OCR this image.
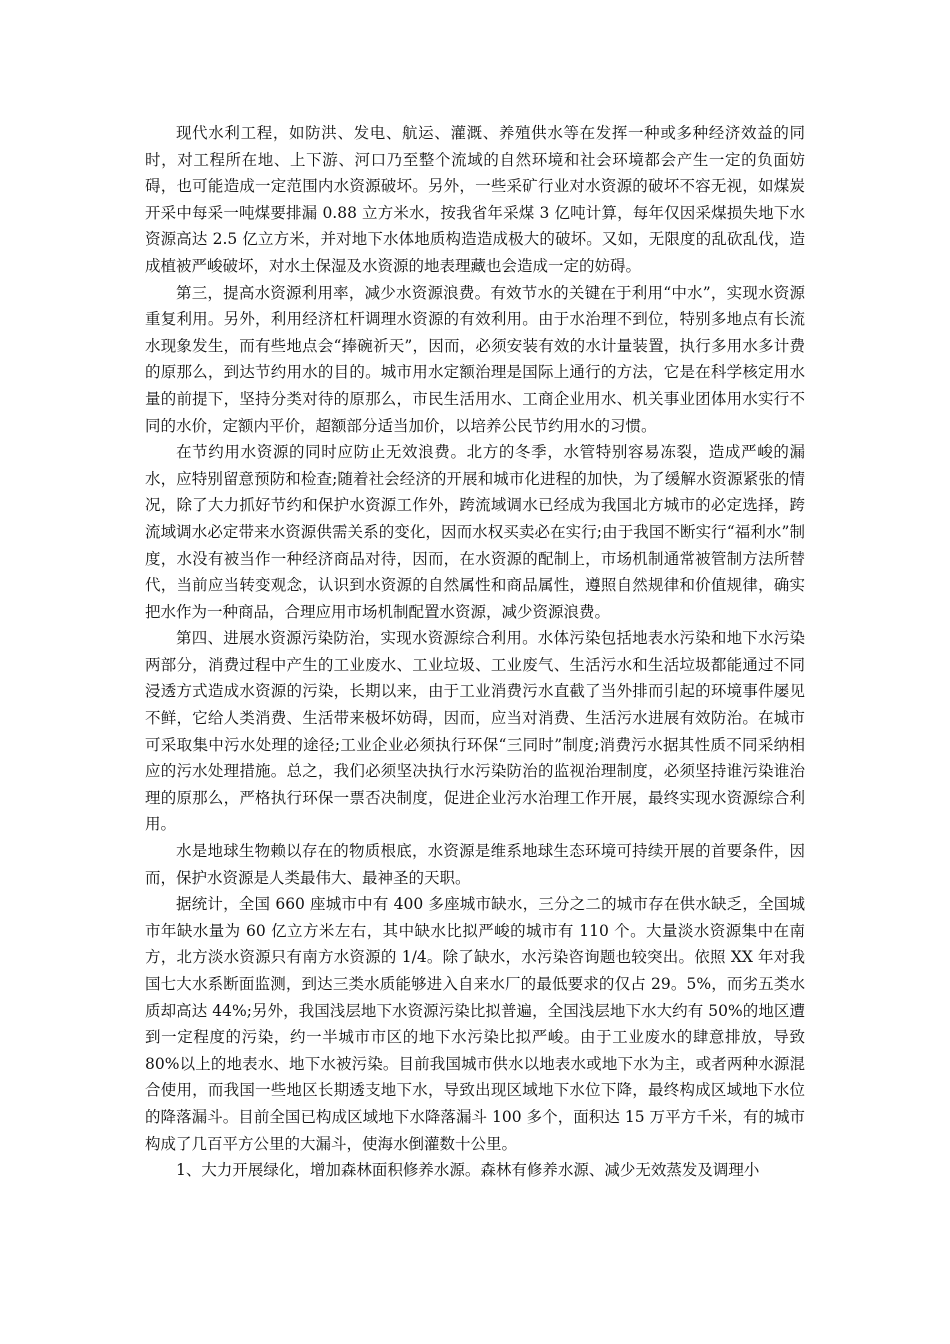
现代水利工程，如防洪、发电、航运、灌溉、养殖供水等在发挥一种或多种经济效益的同时，对工程所在地、上下游、河口乃至整个流域的自然环境和社会环境都会产生一定的负面妨碍，也可能造成一定范围内水资源破坏。另外，一些采矿行业对水资源的破坏不容无视，如煤炭开采中每采一吨煤要排漏 0.88 立方米水，按我省年采煤 3 亿吨计算，每年仅因采煤损失地下水资源高达 2.5 亿立方米，并对地下水体地质构造造成极大的破坏。又如，无限度的乱砍乱伐，造成植被严峻破坏，对水土保湿及水资源的地表理藏也会造成一定的妨碍。

第三，提高水资源利用率，减少水资源浪费。有效节水的关键在于利用“中水”，实现水资源重复利用。另外，利用经济杠杆调理水资源的有效利用。由于水治理不到位，特别多地点有长流水现象发生，而有些地点会“捧碗祈天”，因而，必须安装有效的水计量装置，执行多用水多计费的原那么，到达节约用水的目的。城市用水定额治理是国际上通行的方法，它是在科学核定用水量的前提下，坚持分类对待的原那么，市民生活用水、工商企业用水、机关事业团体用水实行不同的水价，定额内平价，超额部分适当加价，以培养公民节约用水的习惯。

在节约用水资源的同时应防止无效浪费。北方的冬季，水管特别容易冻裂，造成严峻的漏水，应特别留意预防和检查;随着社会经济的开展和城市化进程的加快，为了缓解水资源紧张的情况，除了大力抓好节约和保护水资源工作外，跨流域调水已经成为我国北方城市的必定选择，跨流域调水必定带来水资源供需关系的变化，因而水权买卖必在实行;由于我国不断实行“福利水”制度，水没有被当作一种经济商品对待，因而，在水资源的配制上，市场机制通常被管制方法所替代，当前应当转变观念，认识到水资源的自然属性和商品属性，遵照自然规律和价值规律，确实把水作为一种商品，合理应用市场机制配置水资源，减少资源浪费。

第四、进展水资源污染防治，实现水资源综合利用。水体污染包括地表水污染和地下水污染两部分，消费过程中产生的工业废水、工业垃圾、工业废气、生活污水和生活垃圾都能通过不同浸透方式造成水资源的污染，长期以来，由于工业消费污水直截了当外排而引起的环境事件屡见不鲜，它给人类消费、生活带来极坏妨碍，因而，应当对消费、生活污水进展有效防治。在城市可采取集中污水处理的途径;工业企业必须执行环保“三同时”制度;消费污水据其性质不同采纳相应的污水处理措施。总之，我们必须坚决执行水污染防治的监视治理制度，必须坚持谁污染谁治理的原那么，严格执行环保一票否决制度，促进企业污水治理工作开展，最终实现水资源综合利用。

水是地球生物赖以存在的物质根底，水资源是维系地球生态环境可持续开展的首要条件，因而，保护水资源是人类最伟大、最神圣的天职。

据统计，全国 660 座城市中有 400 多座城市缺水，三分之二的城市存在供水缺乏，全国城市年缺水量为 60 亿立方米左右，其中缺水比拟严峻的城市有 110 个。大量淡水资源集中在南方，北方淡水资源只有南方水资源的 1/4。除了缺水，水污染咨询题也较突出。依照 XX 年对我国七大水系断面监测，到达三类水质能够进入自来水厂的最低要求的仅占 29。5%，而劣五类水质却高达 44%;另外，我国浅层地下水资源污染比拟普遍，全国浅层地下水大约有 50%的地区遭到一定程度的污染，约一半城市市区的地下水污染比拟严峻。由于工业废水的肆意排放，导致 80%以上的地表水、地下水被污染。目前我国城市供水以地表水或地下水为主，或者两种水源混合使用，而我国一些地区长期透支地下水，导致出现区域地下水位下降，最终构成区域地下水位的降落漏斗。目前全国已构成区域地下水降落漏斗 100 多个，面积达 15 万平方千米，有的城市构成了几百平方公里的大漏斗，使海水倒灌数十公里。

1、大力开展绿化，增加森林面积修养水源。森林有修养水源、减少无效蒸发及调理小
